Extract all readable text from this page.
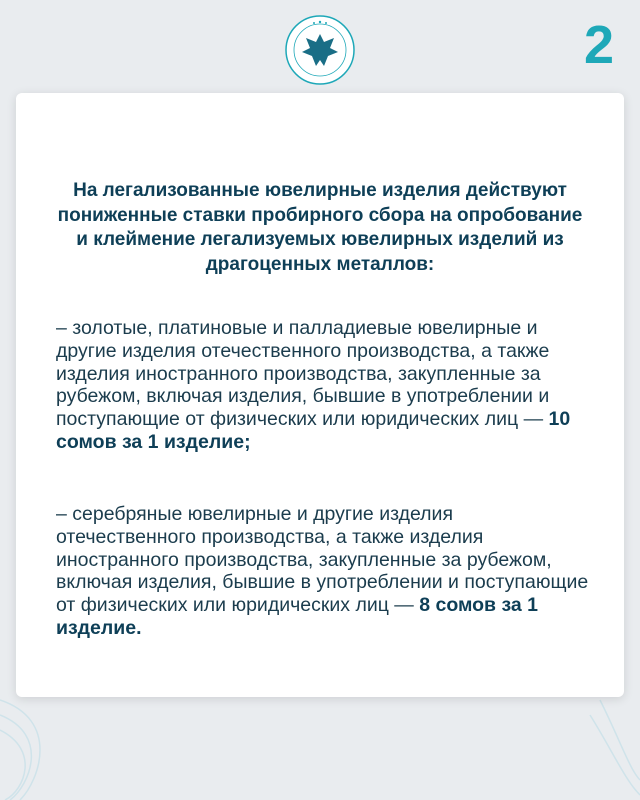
2
На легализованные ювелирные изделия действуют пониженные ставки пробирного сбора на опробование и клеймение легализуемых ювелирных изделий из драгоценных металлов:
– золотые, платиновые и палладиевые ювелирные и другие изделия отечественного производства, а также изделия иностранного производства, закупленные за рубежом, включая изделия, бывшие в употреблении и поступающие от физических или юридических лиц — 10 сомов за 1 изделие;
– серебряные ювелирные и другие изделия отечественного производства, а также изделия иностранного производства, закупленные за рубежом, включая изделия, бывшие в употреблении и поступающие от физических или юридических лиц — 8 сомов за 1 изделие.
